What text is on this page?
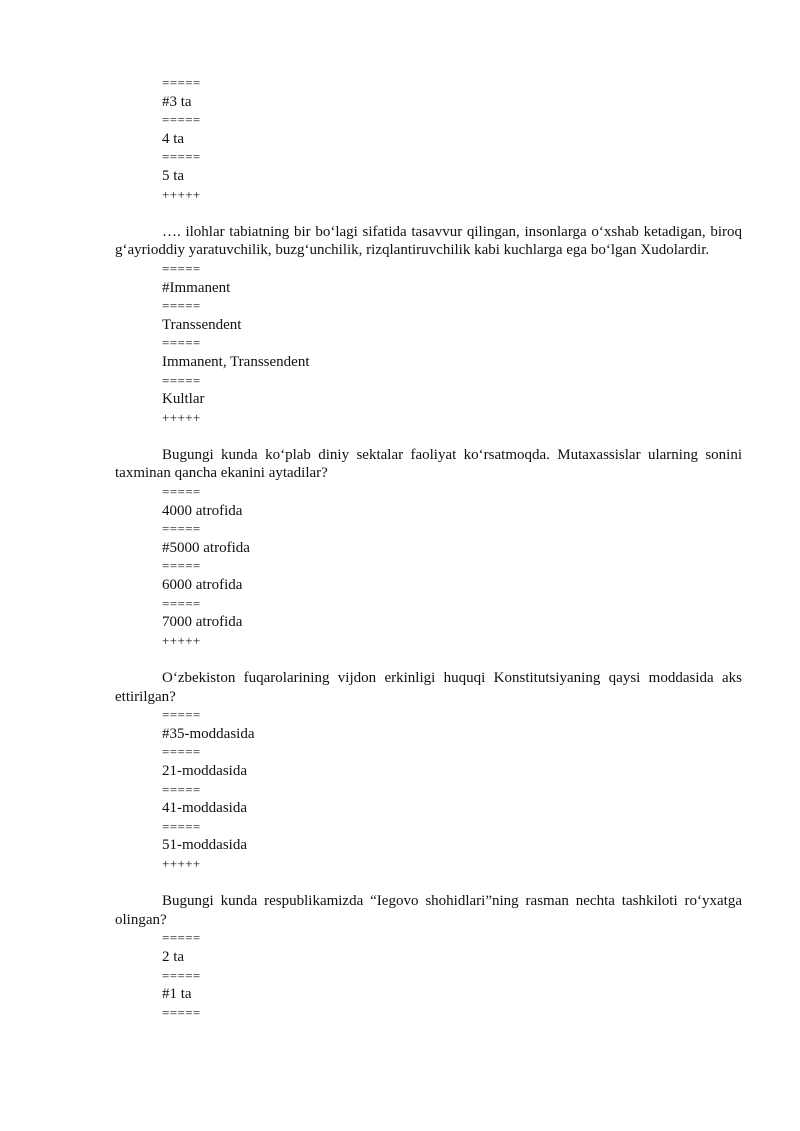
=====
#3 ta
=====
4 ta
=====
5 ta
+++++
…. ilohlar tabiatning bir bo‘lagi sifatida tasavvur qilingan, insonlarga o‘xshab ketadigan, biroq g‘ayrioddiy yaratuvchilik, buzg‘unchilik, rizqlantiruvchilik kabi kuchlarga ega bo‘lgan Xudolardir.
=====
#Immanent
=====
Transsendent
=====
Immanent, Transsendent
=====
Kultlar
+++++
Bugungi kunda ko‘plab diniy sektalar faoliyat ko‘rsatmoqda. Mutaxassislar ularning sonini taxminan qancha ekanini aytadilar?
=====
4000 atrofida
=====
#5000 atrofida
=====
6000 atrofida
=====
7000 atrofida
+++++
O‘zbekiston fuqarolarining vijdon erkinligi huquqi Konstitutsiyaning qaysi moddasida aks ettirilgan?
=====
#35-moddasida
=====
21-moddasida
=====
41-moddasida
=====
51-moddasida
+++++
Bugungi kunda respublikamizda “Iegovo shohidlari”ning rasman nechta tashkiloti ro‘yxatga olingan?
=====
2 ta
=====
#1 ta
=====
